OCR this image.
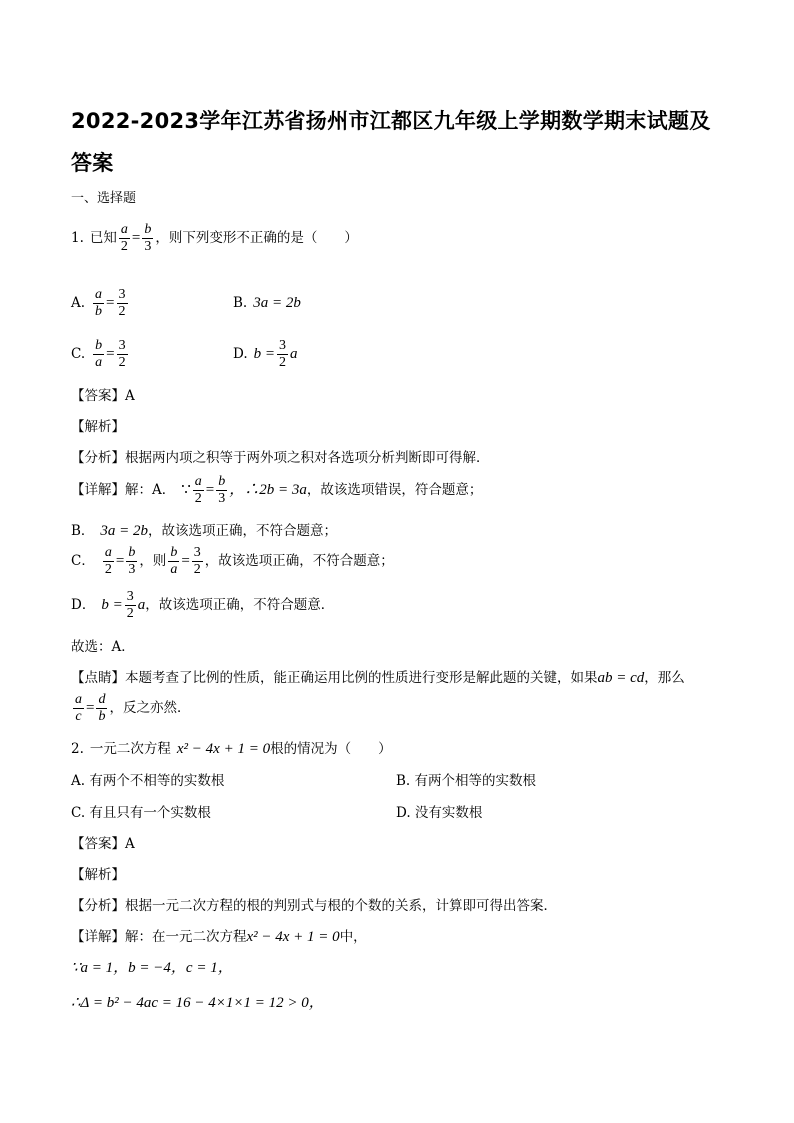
2022-2023学年江苏省扬州市江都区九年级上学期数学期末试题及答案
一、选择题
1. 已知 $\frac{a}{2} = \frac{b}{3}$ ，则下列变形不正确的是（　　）
A. $\frac{a}{b} = \frac{3}{2}$	B. 3a = 2b
C. $\frac{b}{a} = \frac{3}{2}$	D. $b = \frac{3}{2}$ a
【答案】A
【解析】
【分析】根据两内项之积等于两外项之积对各选项分析判断即可得解．
【详解】解：A． ∵ $\frac{a}{2} = \frac{b}{3}$ ，∴2b = 3a，故该选项错误，符合题意；
B． 3a = 2b，故该选项正确，不符合题意；
C． $\frac{a}{2} = \frac{b}{3}$ ，则 $\frac{b}{a} = \frac{3}{2}$ ，故该选项正确，不符合题意；
D． $b = \frac{3}{2}$ a，故该选项正确，不符合题意．
故选：A．
【点睛】本题考查了比例的性质，能正确运用比例的性质进行变形是解此题的关键，如果ab = cd，那么
$\frac{a}{c} = \frac{d}{b}$ ，反之亦然．
2. 一元二次方程 x² − 4x + 1 = 0根的情况为（　　）
A. 有两个不相等的实数根	B. 有两个相等的实数根
C. 有且只有一个实数根	D. 没有实数根
【答案】A
【解析】
【分析】根据一元二次方程的根的判别式与根的个数的关系，计算即可得出答案．
【详解】解：在一元二次方程x² − 4x + 1 = 0中，
∵a = 1，b = −4，c = 1，
∴Δ = b² − 4ac = 16 − 4×1×1 = 12 > 0，
